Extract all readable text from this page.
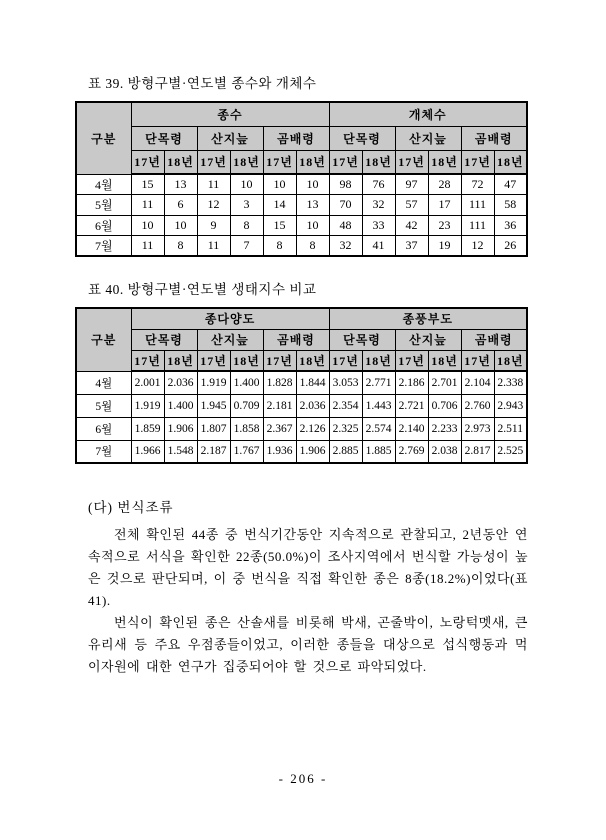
표 39. 방형구별·연도별 종수와 개체수
구분	종수						개체수					
	단목령		산지늪		곰배령		단목령		산지늪		곰배령	
	17년	18년	17년	18년	17년	18년	17년	18년	17년	18년	17년	18년
4월	15	13	11	10	10	10	98	76	97	28	72	47
5월	11	6	12	3	14	13	70	32	57	17	111	58
6월	10	10	9	8	15	10	48	33	42	23	111	36
7월	11	8	11	7	8	8	32	41	37	19	12	26
표 40. 방형구별·연도별 생태지수 비교
구분	종다양도						종풍부도					
	단목령		산지늪		곰배령		단목령		산지늪		곰배령	
	17년	18년	17년	18년	17년	18년	17년	18년	17년	18년	17년	18년
4월	2.001	2.036	1.919	1.400	1.828	1.844	3.053	2.771	2.186	2.701	2.104	2.338
5월	1.919	1.400	1.945	0.709	2.181	2.036	2.354	1.443	2.721	0.706	2.760	2.943
6월	1.859	1.906	1.807	1.858	2.367	2.126	2.325	2.574	2.140	2.233	2.973	2.511
7월	1.966	1.548	2.187	1.767	1.936	1.906	2.885	1.885	2.769	2.038	2.817	2.525
(다) 번식조류

전체 확인된 44종 중 번식기간동안 지속적으로 관찰되고, 2년동안 연속적으로 서식을 확인한 22종(50.0%)이 조사지역에서 번식할 가능성이 높은 것으로 판단되며, 이 중 번식을 직접 확인한 종은 8종(18.2%)이었다(표 41).

번식이 확인된 종은 산솔새를 비롯해 박새, 곤줄박이, 노랑턱멧새, 큰유리새 등 주요 우점종들이었고, 이러한 종들을 대상으로 섭식행동과 먹이자원에 대한 연구가 집중되어야 할 것으로 파악되었다.

- 206 -
